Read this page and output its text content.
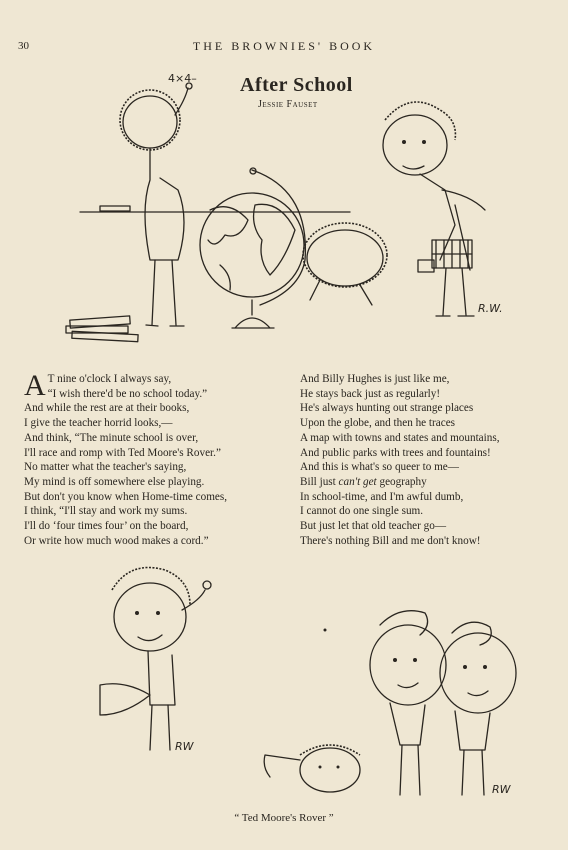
30	THE BROWNIES' BOOK
After School
Jessie Fauset
4×4–
R.W.
A T nine o'clock I always say,
“I wish there'd be no school today.”
And while the rest are at their books,
I give the teacher horrid looks,—
And think, “The minute school is over,
I'll race and romp with Ted Moore's Rover.”
No matter what the teacher's saying,
My mind is off somewhere else playing.
But don't you know when Home-time comes,
I think, “I'll stay and work my sums.
I'll do ‘four times four’ on the board,
Or write how much wood makes a cord.”
And Billy Hughes is just like me,
He stays back just as regularly!
He's always hunting out strange places
Upon the globe, and then he traces
A map with towns and states and mountains,
And public parks with trees and fountains!
And this is what's so queer to me—
Bill just can't get geography
In school-time, and I'm awful dumb,
I cannot do one single sum.
But just let that old teacher go—
There's nothing Bill and me don't know!
RW
RW
“ Ted Moore's Rover ”
